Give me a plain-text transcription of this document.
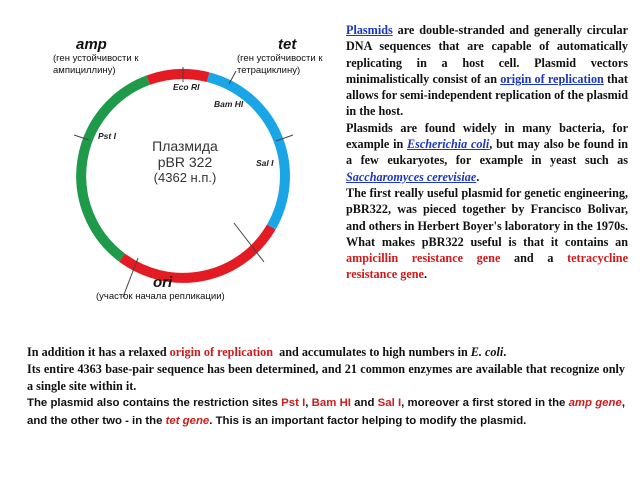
amp
(ген устойчивости к
ампициллину)
tet
(ген устойчивости к
тетрациклину)
ori
(участок начала репликации)
Eco RI
Bam HI
Sal I
Pst I
Плазмида
pBR 322
(4362 н.п.)

Plasmids are double-stranded and generally circular DNA sequences that are capable of automatically replicating in a host cell. Plasmid vectors minimalistically consist of an origin of replication that allows for semi-independent replication of the plasmid in the host.

Plasmids are found widely in many bacteria, for example in Escherichia coli, but may also be found in a few eukaryotes, for example in yeast such as Saccharomyces cerevisiae.

The first really useful plasmid for genetic engineering, pBR322, was pieced together by Francisco Bolivar, and others in Herbert Boyer's laboratory in the 1970s. What makes pBR322 useful is that it contains an ampicillin resistance gene and a tetracycline resistance gene.

In addition it has a relaxed origin of replication  and accumulates to high numbers in E. coli.

Its entire 4363 base-pair sequence has been determined, and 21 common enzymes are available that recognize only a single site within it.

The plasmid also contains the restriction sites Pst I, Bam HI and Sal I, moreover a first stored in the amp gene, and the other two - in the tet gene. This is an important factor helping to modify the plasmid.
